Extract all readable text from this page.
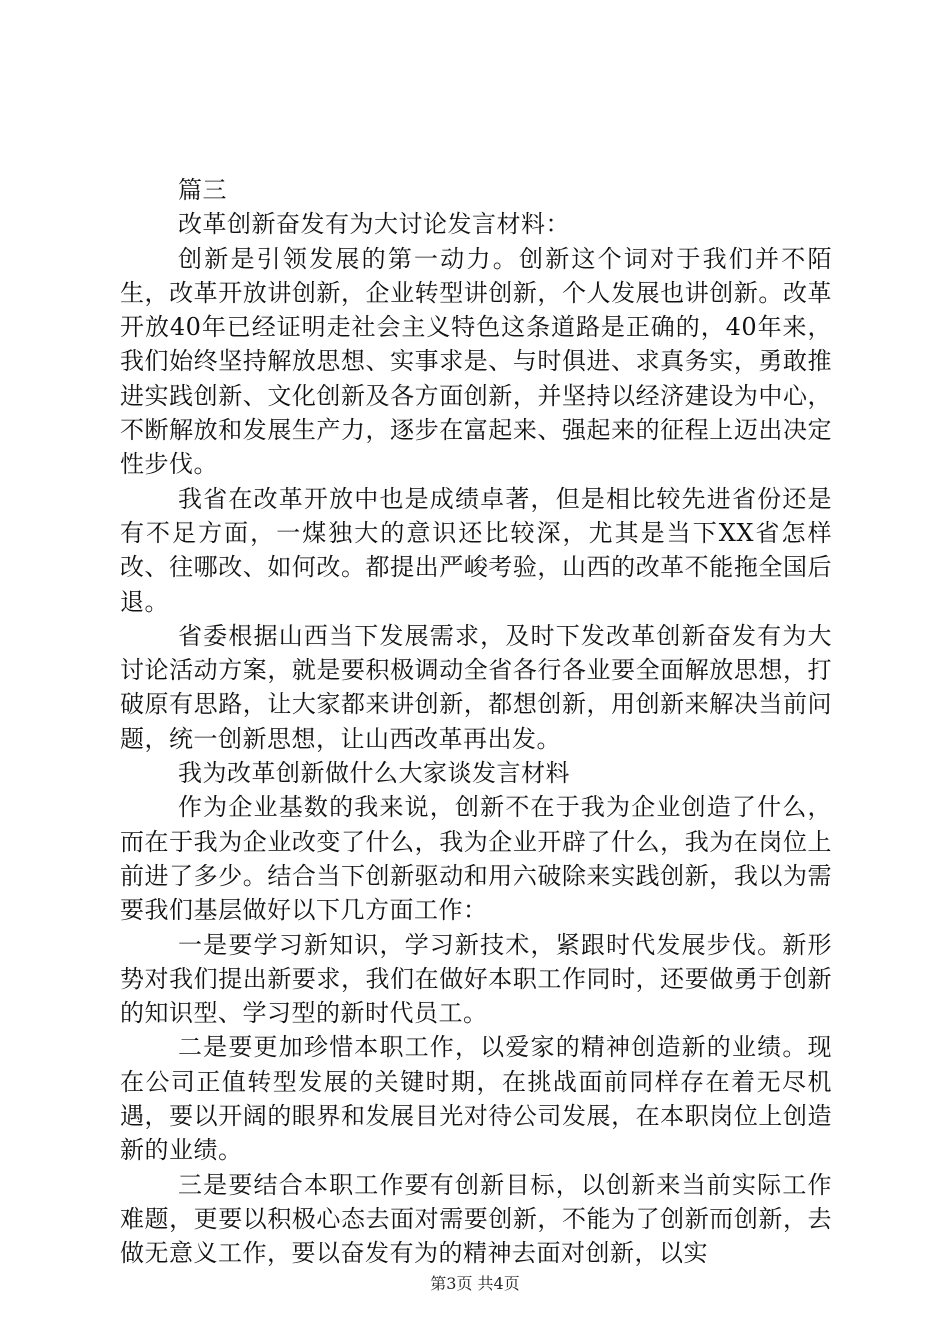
篇三

改革创新奋发有为大讨论发言材料：

创新是引领发展的第一动力。创新这个词对于我们并不陌生，改革开放讲创新，企业转型讲创新，个人发展也讲创新。改革开放40年已经证明走社会主义特色这条道路是正确的，40年来，我们始终坚持解放思想、实事求是、与时俱进、求真务实，勇敢推进实践创新、文化创新及各方面创新，并坚持以经济建设为中心，不断解放和发展生产力，逐步在富起来、强起来的征程上迈出决定性步伐。

我省在改革开放中也是成绩卓著，但是相比较先进省份还是有不足方面，一煤独大的意识还比较深，尤其是当下XX省怎样改、往哪改、如何改。都提出严峻考验，山西的改革不能拖全国后退。

省委根据山西当下发展需求，及时下发改革创新奋发有为大讨论活动方案，就是要积极调动全省各行各业要全面解放思想，打破原有思路，让大家都来讲创新，都想创新，用创新来解决当前问题，统一创新思想，让山西改革再出发。

我为改革创新做什么大家谈发言材料

作为企业基数的我来说，创新不在于我为企业创造了什么，而在于我为企业改变了什么，我为企业开辟了什么，我为在岗位上前进了多少。结合当下创新驱动和用六破除来实践创新，我以为需要我们基层做好以下几方面工作：

一是要学习新知识，学习新技术，紧跟时代发展步伐。新形势对我们提出新要求，我们在做好本职工作同时，还要做勇于创新的知识型、学习型的新时代员工。

二是要更加珍惜本职工作，以爱家的精神创造新的业绩。现在公司正值转型发展的关键时期，在挑战面前同样存在着无尽机遇，要以开阔的眼界和发展目光对待公司发展，在本职岗位上创造新的业绩。

三是要结合本职工作要有创新目标，以创新来当前实际工作难题，更要以积极心态去面对需要创新，不能为了创新而创新，去做无意义工作，要以奋发有为的精神去面对创新，以实

第3页 共4页
